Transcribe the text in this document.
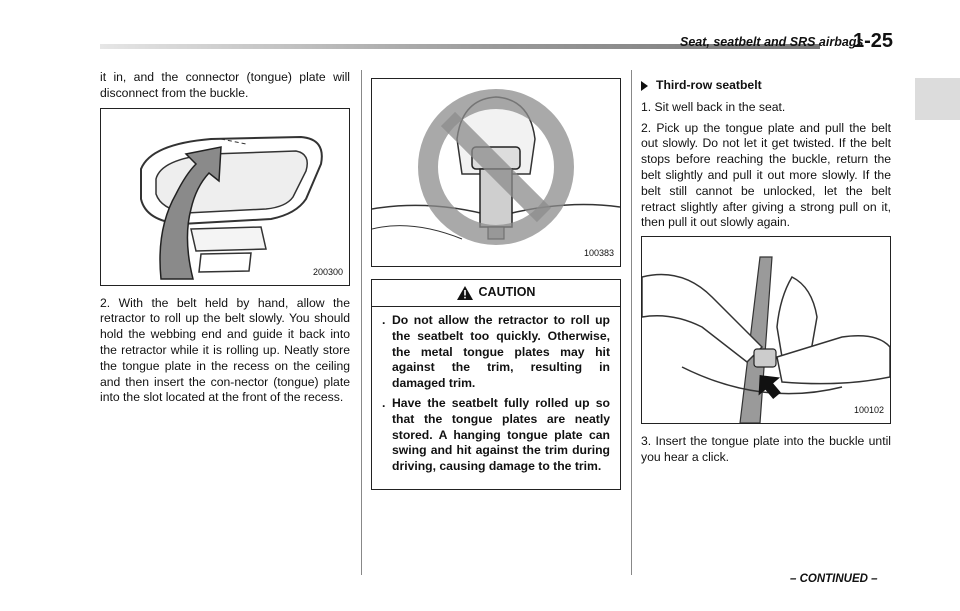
Seat, seatbelt and SRS airbags
1-25

it in, and the connector (tongue) plate will disconnect from the buckle.

200300

2. With the belt held by hand, allow the retractor to roll up the belt slowly. You should hold the webbing end and guide it back into the retractor while it is rolling up. Neatly store the tongue plate in the recess on the ceiling and then insert the con-nector (tongue) plate into the slot located at the front of the recess.

100383
CAUTION
. Do not allow the retractor to roll up the seatbelt too quickly. Otherwise, the metal tongue plates may hit against the trim, resulting in damaged trim.
. Have the seatbelt fully rolled up so that the tongue plates are neatly stored. A hanging tongue plate can swing and hit against the trim during driving, causing damage to the trim.
Third-row seatbelt

1. Sit well back in the seat.

2. Pick up the tongue plate and pull the belt out slowly. Do not let it get twisted. If the belt stops before reaching the buckle, return the belt slightly and pull it out more slowly. If the belt still cannot be unlocked, let the belt retract slightly after giving a strong pull on it, then pull it out slowly again.

100102

3. Insert the tongue plate into the buckle until you hear a click.

– CONTINUED –
